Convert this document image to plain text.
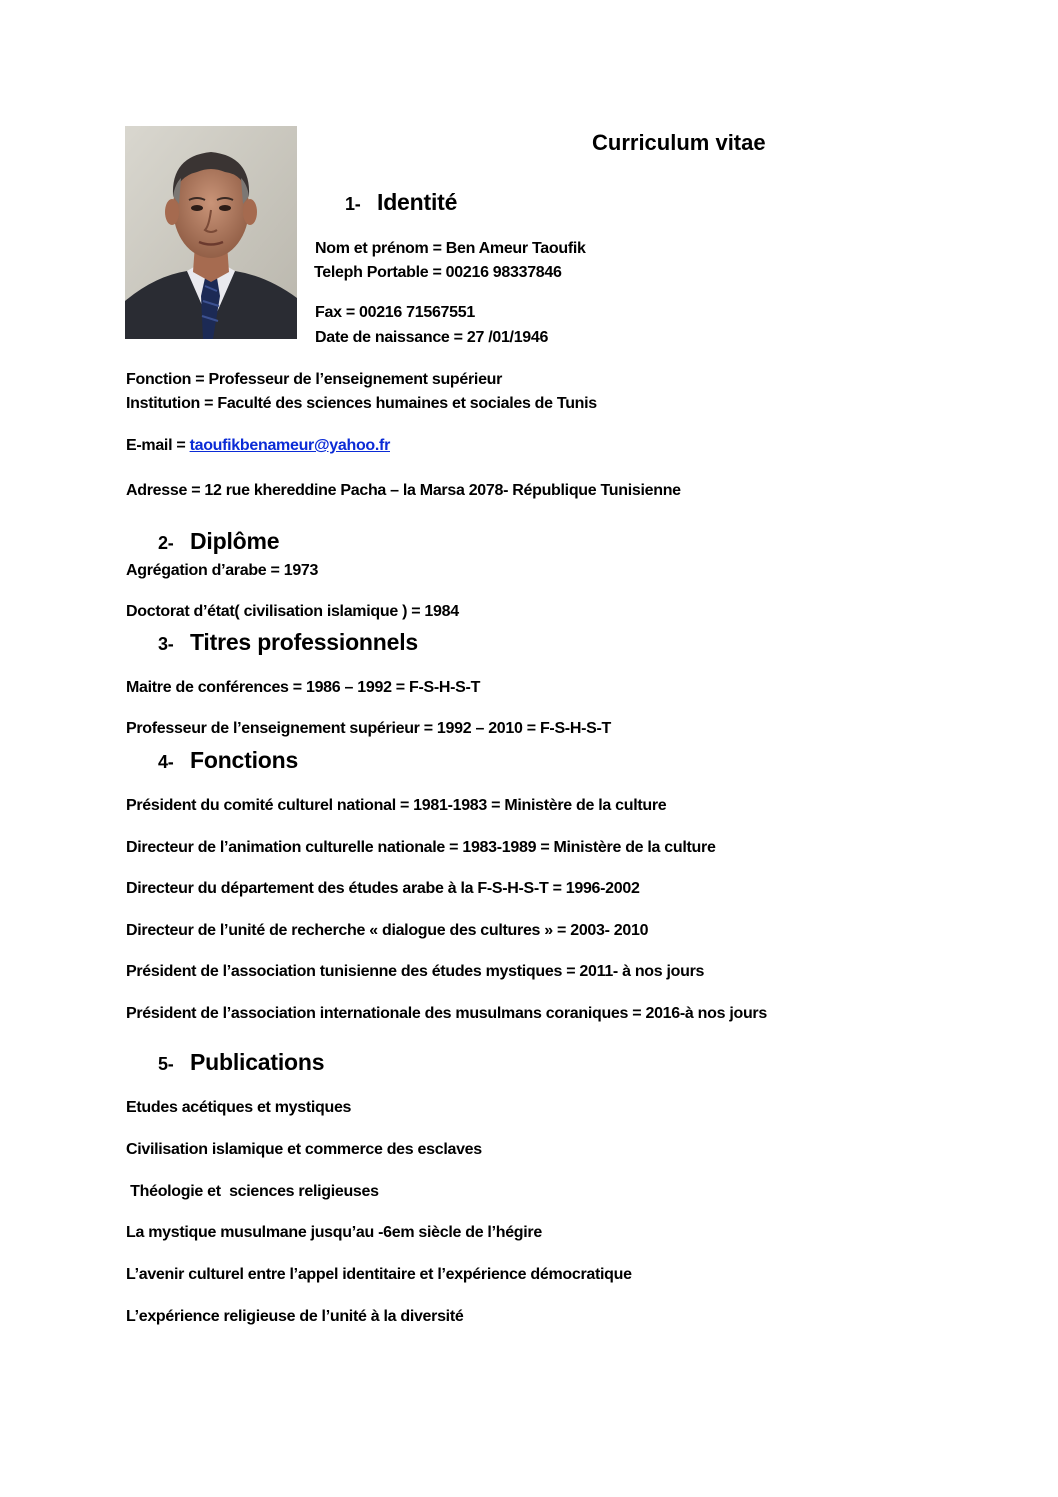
Curriculum vitae
1- Identité
Nom et prénom = Ben Ameur Taoufik
Teleph Portable = 00216 98337846
Fax = 00216 71567551
Date de naissance = 27 /01/1946
Fonction = Professeur de l’enseignement supérieur
Institution = Faculté des sciences humaines et sociales de Tunis
E-mail = taoufikbenameur@yahoo.fr
Adresse = 12 rue khereddine Pacha – la Marsa 2078- République Tunisienne
2- Diplôme
Agrégation d’arabe = 1973
Doctorat d’état( civilisation islamique ) = 1984
3- Titres professionnels
Maitre de conférences = 1986 – 1992 = F-S-H-S-T
Professeur de l’enseignement supérieur = 1992 – 2010 = F-S-H-S-T
4- Fonctions
Président du comité culturel national = 1981-1983 = Ministère de la culture
Directeur de l’animation culturelle nationale = 1983-1989 = Ministère de la culture
Directeur du département des études arabe à la F-S-H-S-T = 1996-2002
Directeur de l’unité de recherche « dialogue des cultures » = 2003- 2010
Président de l’association tunisienne des études mystiques = 2011- à nos jours
Président de l’association internationale des musulmans coraniques = 2016-à nos jours
5- Publications
Etudes acétiques et mystiques
Civilisation islamique et commerce des esclaves
Théologie et  sciences religieuses
La mystique musulmane jusqu’au -6em siècle de l’hégire
L’avenir culturel entre l’appel identitaire et l’expérience démocratique
L’expérience religieuse de l’unité à la diversité
